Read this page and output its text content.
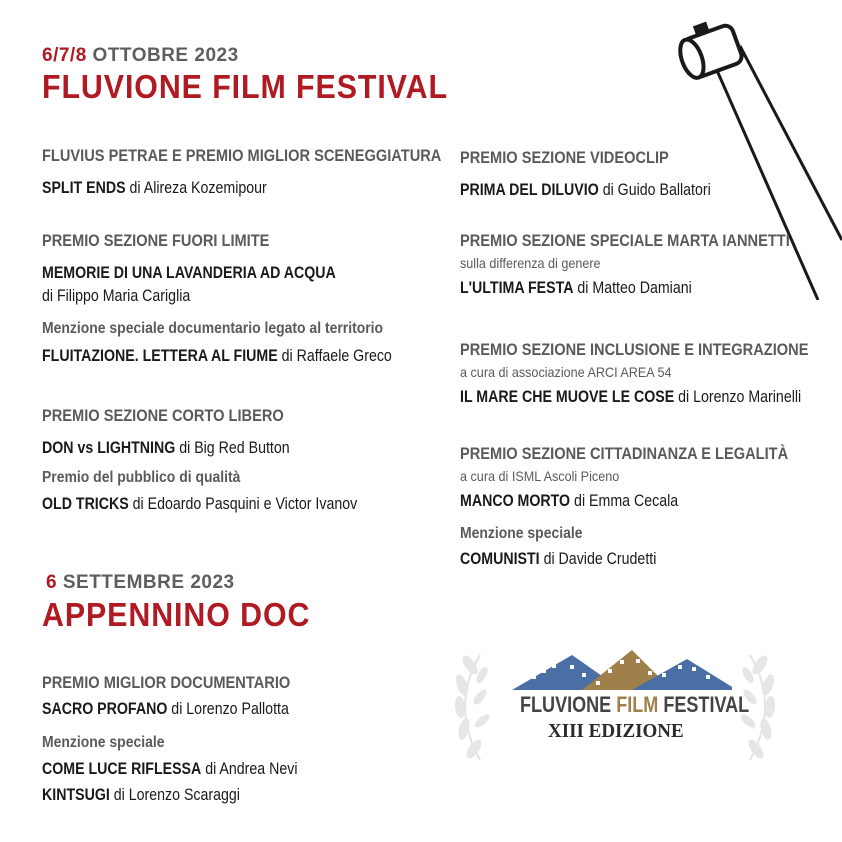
6/7/8 OTTOBRE 2023
FLUVIONE FILM FESTIVAL
FLUVIUS PETRAE E PREMIO MIGLIOR SCENEGGIATURA
SPLIT ENDS di Alireza Kozemipour
PREMIO SEZIONE FUORI LIMITE
MEMORIE DI UNA LAVANDERIA AD ACQUA
di Filippo Maria Cariglia
Menzione speciale documentario legato al territorio
FLUITAZIONE. LETTERA AL FIUME di Raffaele Greco
PREMIO SEZIONE CORTO LIBERO
DON vs LIGHTNING di Big Red Button
Premio del pubblico di qualità
OLD TRICKS di Edoardo Pasquini e Victor Ivanov
PREMIO SEZIONE VIDEOCLIP
PRIMA DEL DILUVIO di Guido Ballatori
PREMIO SEZIONE SPECIALE MARTA IANNETTI
sulla differenza di genere
L'ULTIMA FESTA di Matteo Damiani
PREMIO SEZIONE INCLUSIONE E INTEGRAZIONE
a cura di associazione ARCI AREA 54
IL MARE CHE MUOVE LE COSE di Lorenzo Marinelli
PREMIO SEZIONE CITTADINANZA E LEGALITÀ
a cura di ISML Ascoli Piceno
MANCO MORTO di Emma Cecala
Menzione speciale
COMUNISTI di Davide Crudetti
6 SETTEMBRE 2023
APPENNINO DOC
PREMIO MIGLIOR DOCUMENTARIO
SACRO PROFANO di Lorenzo Pallotta
Menzione speciale
COME LUCE RIFLESSA di Andrea Nevi
KINTSUGI di Lorenzo Scaraggi
FLUVIONE FILM FESTIVAL
XIII EDIZIONE
